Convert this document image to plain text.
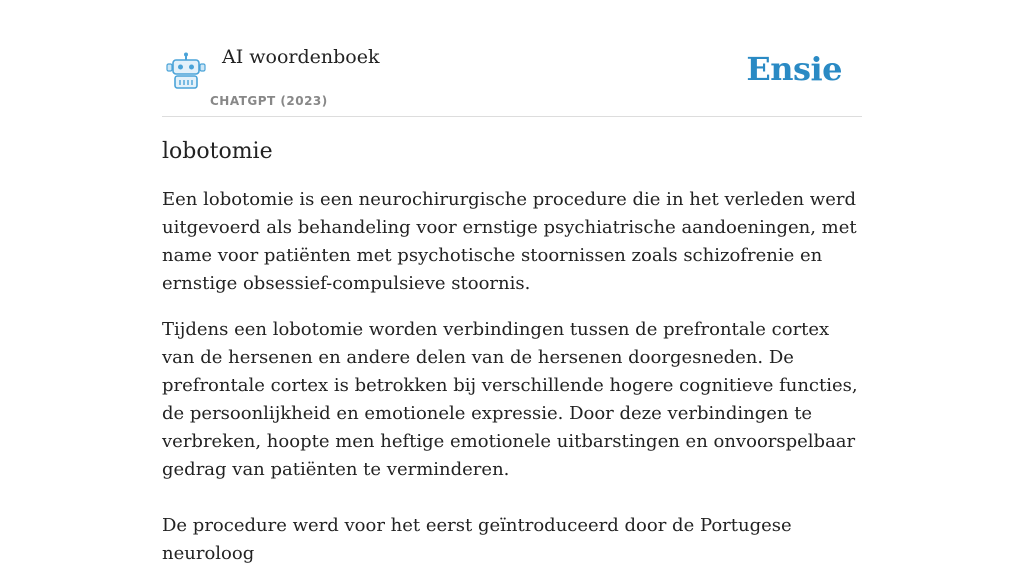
AI woordenboek
CHATGPT (2023)
Ensie
lobotomie

Een lobotomie is een neurochirurgische procedure die in het verleden werd uitgevoerd als behandeling voor ernstige psychiatrische aandoeningen, met name voor patiënten met psychotische stoornissen zoals schizofrenie en ernstige obsessief-compulsieve stoornis.

Tijdens een lobotomie worden verbindingen tussen de prefrontale cortex van de hersenen en andere delen van de hersenen doorgesneden. De prefrontale cortex is betrokken bij verschillende hogere cognitieve functies, de persoonlijkheid en emotionele expressie. Door deze verbindingen te verbreken, hoopte men heftige emotionele uitbarstingen en onvoorspelbaar gedrag van patiënten te verminderen.

De procedure werd voor het eerst geïntroduceerd door de Portugese neuroloog
